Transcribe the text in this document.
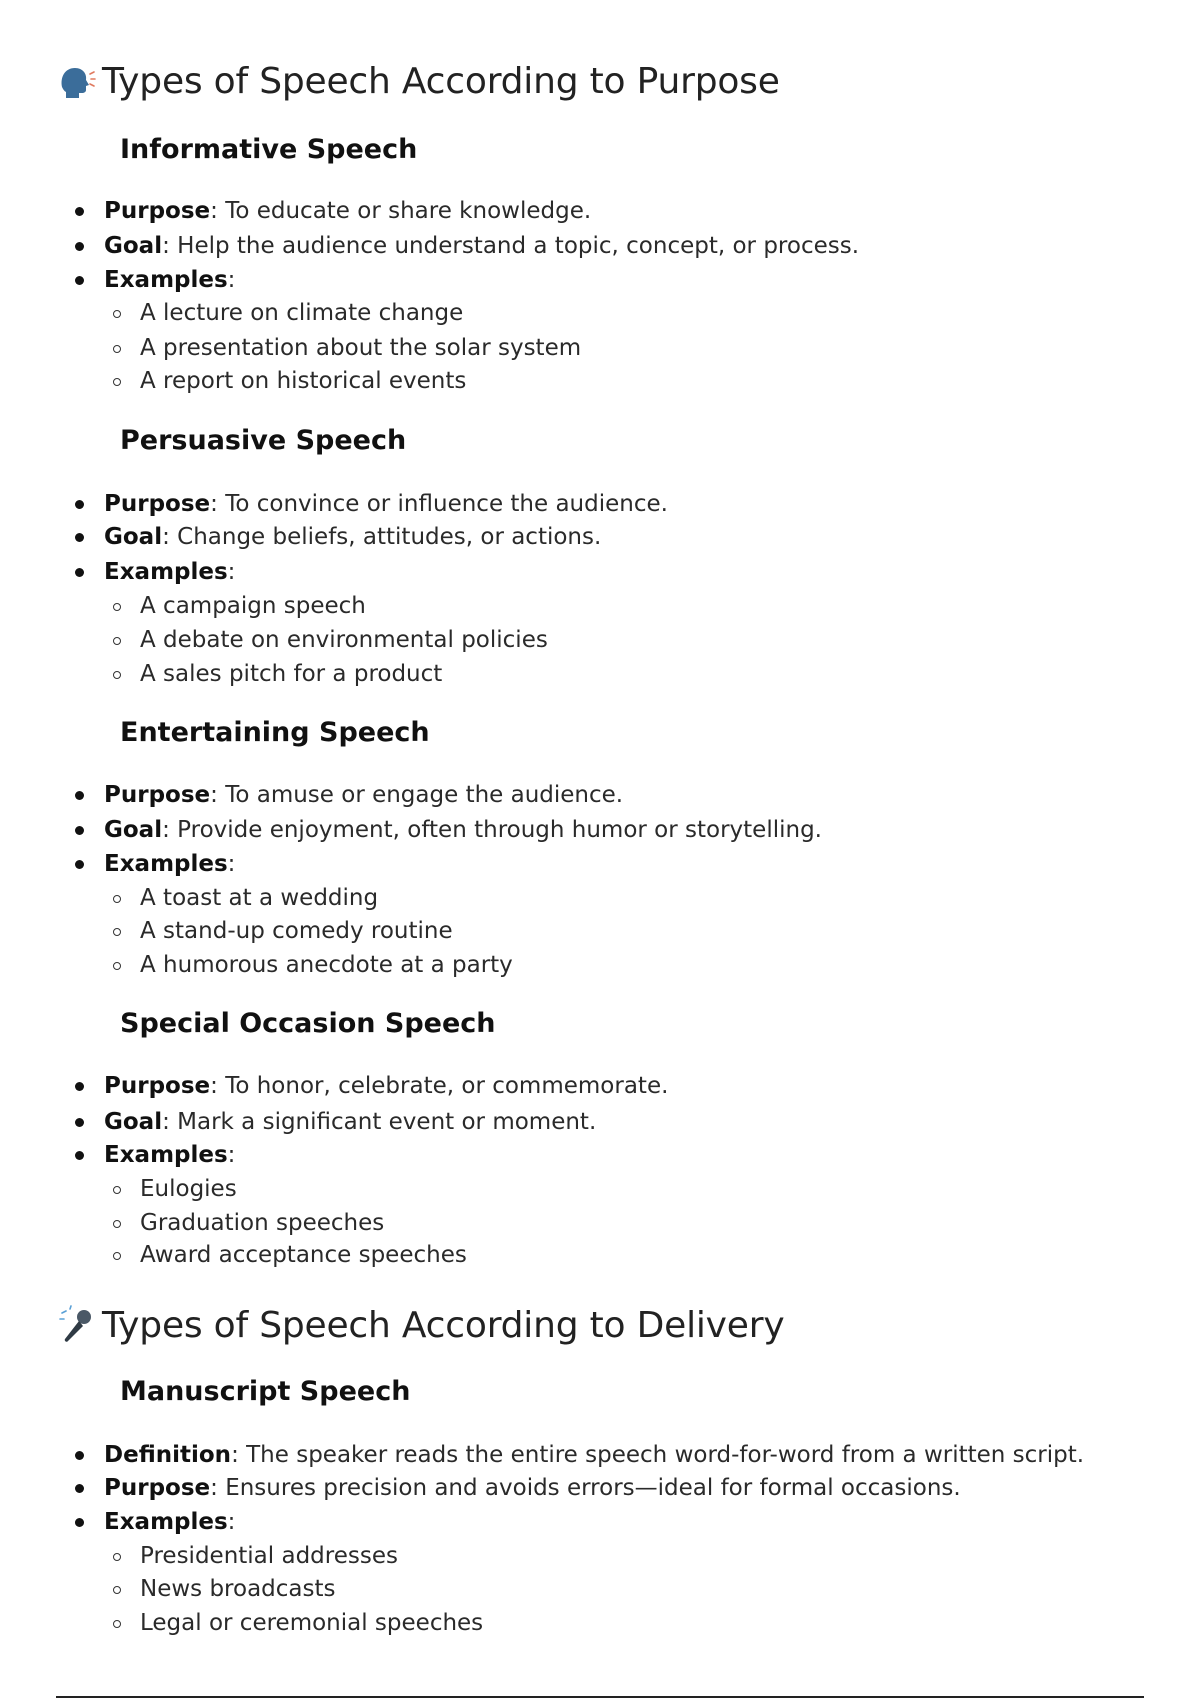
Types of Speech According to Purpose
Informative Speech
Purpose: To educate or share knowledge.
Goal: Help the audience understand a topic, concept, or process.
Examples:
A lecture on climate change
A presentation about the solar system
A report on historical events
Persuasive Speech
Purpose: To convince or influence the audience.
Goal: Change beliefs, attitudes, or actions.
Examples:
A campaign speech
A debate on environmental policies
A sales pitch for a product
Entertaining Speech
Purpose: To amuse or engage the audience.
Goal: Provide enjoyment, often through humor or storytelling.
Examples:
A toast at a wedding
A stand-up comedy routine
A humorous anecdote at a party
Special Occasion Speech
Purpose: To honor, celebrate, or commemorate.
Goal: Mark a significant event or moment.
Examples:
Eulogies
Graduation speeches
Award acceptance speeches
Types of Speech According to Delivery
Manuscript Speech
Definition: The speaker reads the entire speech word-for-word from a written script.
Purpose: Ensures precision and avoids errors—ideal for formal occasions.
Examples:
Presidential addresses
News broadcasts
Legal or ceremonial speeches
